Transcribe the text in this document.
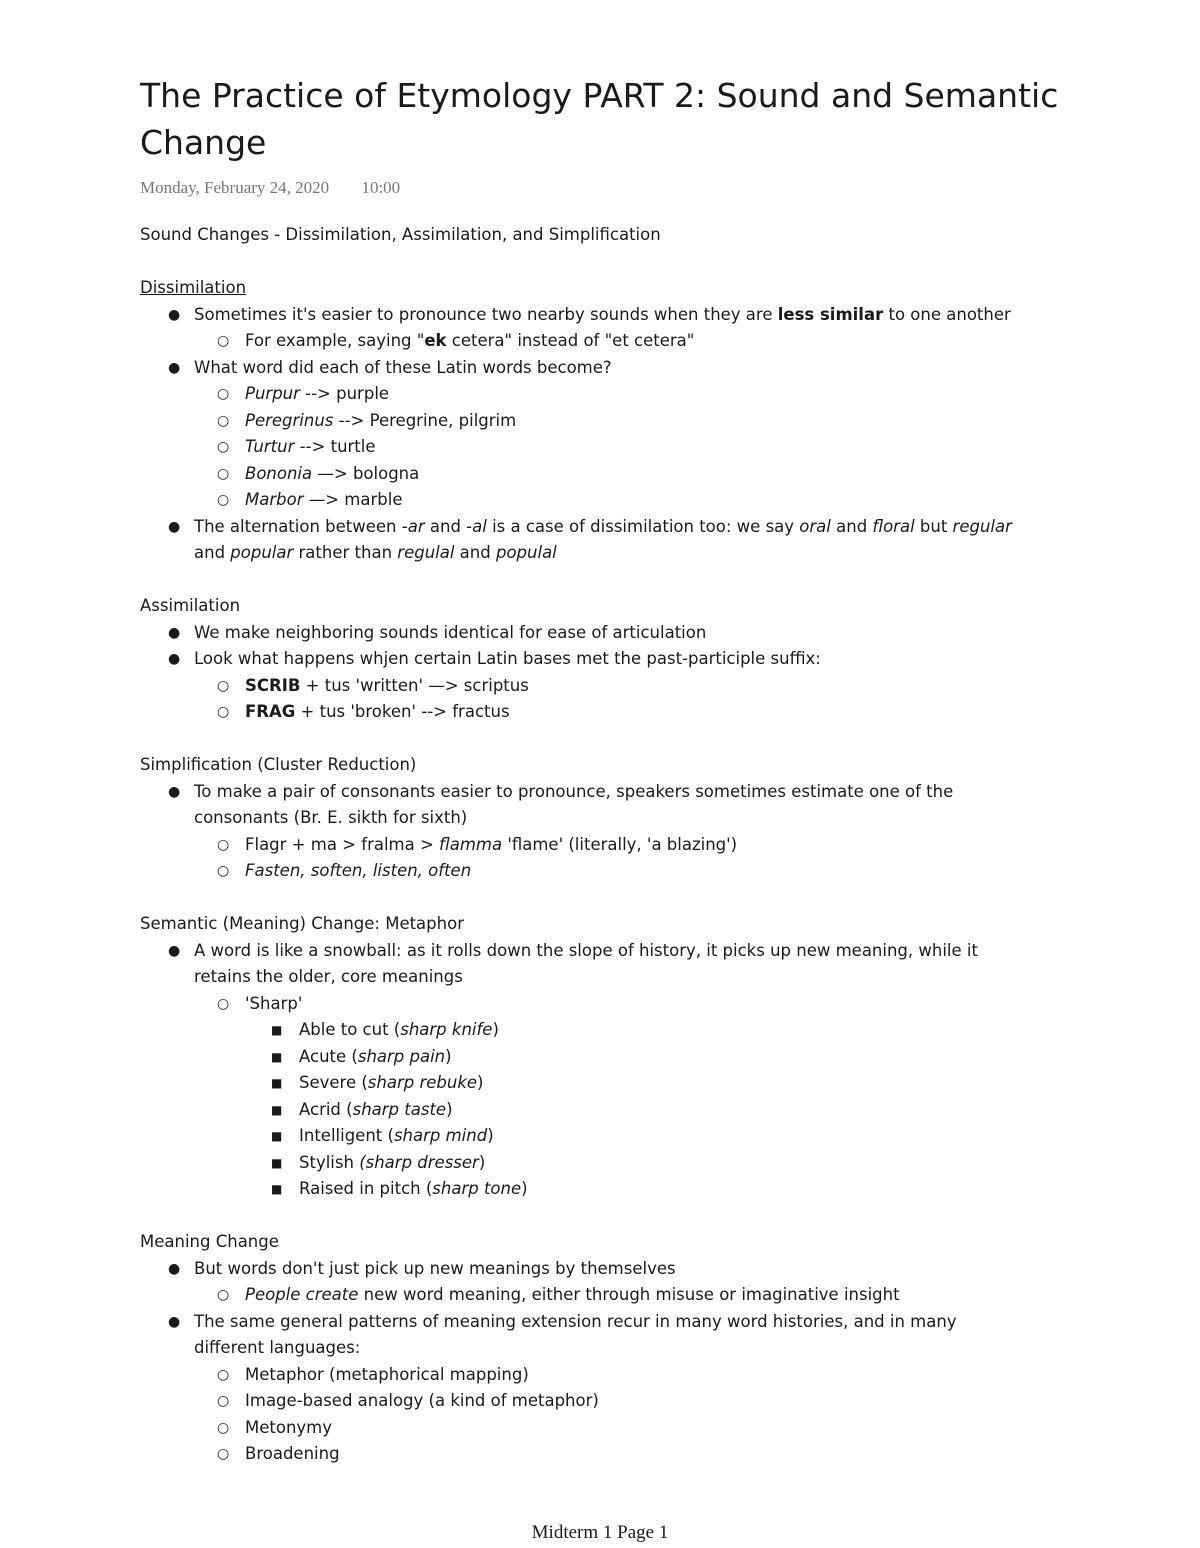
The Practice of Etymology PART 2: Sound and Semantic
Change
Monday, February 24, 2020 10:00
Sound Changes - Dissimilation, Assimilation, and Simplification
Dissimilation
● Sometimes it's easier to pronounce two nearby sounds when they are less similar to one another
○ For example, saying "ek cetera" instead of "et cetera"
● What word did each of these Latin words become?
○ Purpur --> purple
○ Peregrinus --> Peregrine, pilgrim
○ Turtur --> turtle
○ Bononia —> bologna
○ Marbor —> marble
● The alternation between -ar and -al is a case of dissimilation too: we say oral and floral but regular
and popular rather than regulal and populal
Assimilation
● We make neighboring sounds identical for ease of articulation
● Look what happens whjen certain Latin bases met the past-participle suffix:
○ SCRIB + tus 'written' —> scriptus
○ FRAG + tus 'broken' --> fractus
Simplification (Cluster Reduction)
● To make a pair of consonants easier to pronounce, speakers sometimes estimate one of the
consonants (Br. E. sikth for sixth)
○ Flagr + ma > fralma > flamma 'flame' (literally, 'a blazing')
○ Fasten, soften, listen, often
Semantic (Meaning) Change: Metaphor
● A word is like a snowball: as it rolls down the slope of history, it picks up new meaning, while it
retains the older, core meanings
○ 'Sharp'
■ Able to cut (sharp knife)
■ Acute (sharp pain)
■ Severe (sharp rebuke)
■ Acrid (sharp taste)
■ Intelligent (sharp mind)
■ Stylish (sharp dresser)
■ Raised in pitch (sharp tone)
Meaning Change
● But words don't just pick up new meanings by themselves
○ People create new word meaning, either through misuse or imaginative insight
● The same general patterns of meaning extension recur in many word histories, and in many
different languages:
○ Metaphor (metaphorical mapping)
○ Image-based analogy (a kind of metaphor)
○ Metonymy
○ Broadening
Midterm 1 Page 1
